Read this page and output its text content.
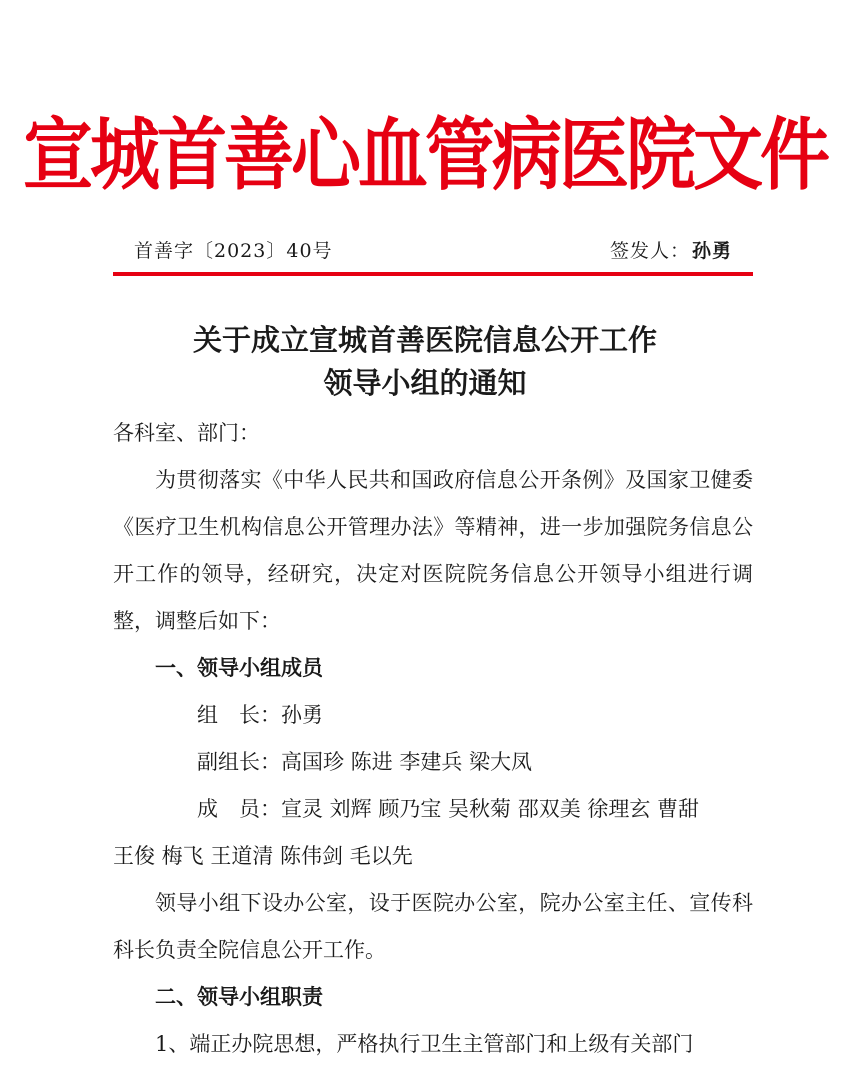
宣城首善心血管病医院文件
首善字〔2023〕40号	签发人： 孙勇
关于成立宣城首善医院信息公开工作
领导小组的通知

各科室、部门：

为贯彻落实《中华人民共和国政府信息公开条例》及国家卫健委《医疗卫生机构信息公开管理办法》等精神，进一步加强院务信息公开工作的领导，经研究，决定对医院院务信息公开领导小组进行调整，调整后如下：

一、领导小组成员

组　长：孙勇

副组长：高国珍 陈进 李建兵 梁大凤

成　员：宣灵 刘辉 顾乃宝 吴秋菊 邵双美 徐理玄 曹甜

王俊 梅飞 王道清 陈伟剑 毛以先

领导小组下设办公室，设于医院办公室，院办公室主任、宣传科科长负责全院信息公开工作。

二、领导小组职责

1、端正办院思想，严格执行卫生主管部门和上级有关部门
